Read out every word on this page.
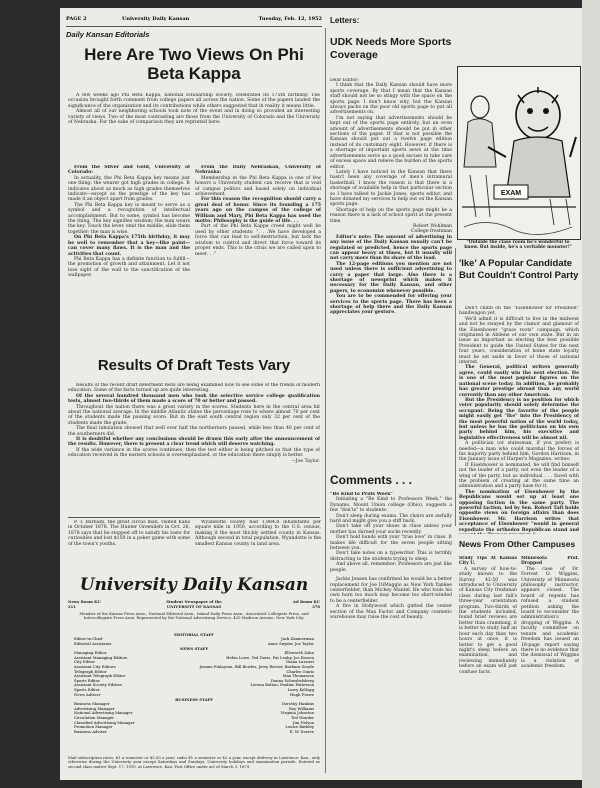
PAGE 2	University Daily Kansan	Tuesday, Feb. 12, 1952

Daily Kansan Editorials

Here Are Two Views On Phi Beta Kappa

A few weeks ago Phi Beta Kappa, national scholarship society, celebrated its 175th birthday. The occasion brought forth comment from college papers all across the nation. Some of the papers lauded the significance of the organization and its contributions while others suggested that in reality it means little.

Almost all of our neighboring schools took note of the event and in doing so provided an interesting variety of views. Two of the most contrasting are those from the University of Colorado and the University of Nebraska. For the sake of comparison they are reprinted here:

From the Silver and Gold, University of Colorado:

In actuality, the Phi Beta Kappa key means just one thing: the wearer got high grades in college. It indicates about as much as high grades themselves indicate—except as the prestige of the key has made it an object apart from grades.

The Phi Beta Kappa key is meant to serve as a symbol and a recognition of intellectual accomplishment. But to some, symbol has become the thing. The key signifies wisdom; the man wears the key. Touch the lever, emit the middle, slide them together; the man is wise.

On Phi Beta Kappa's 175th birthday, it may be well to remember that a key—like paint—can cover many flaws. It is the man and the activities that count.

Phi Beta Kappa has a definite function to fulfill—the promotion of growth and attainment. Let it not lose sight of the wall to the sanctification of the wallpaper.

From the Daily Nebraskan, University of Nebraska:

Membership in the Phi Beta Kappa is one of few honors a University student can receive that is void of campus politics and based solely on individual achievement.

For this reason the recognition should carry a great deal of honor. Since its founding a 175 years ago on the campus of the college of William and Mary, Phi Beta Kappa has used the motto: Philosophy is the guide of life. . .

Part of the Phi Beta Kappa creed might well be used by other students: ". . .We have developed a force that can lead to self-destruction, but lack the wisdom to control and direct that force toward its proper ends. This is the crisis we are called upon to meet. . ."

Results Of Draft Tests Vary

Results of the recent draft deferment tests are being examined now to see some of the trends of modern education. Some of the facts turned up are quite interesting.

Of the several hundred thousand men who took the selective service college qualification tests, almost two-thirds of them made a score of 70 or better and passed.

Throughout the nation there was a great variety in the scores. Students here in the central area hit about the national average. In the middle Atlantic states the percentage rose to where almost 70 per cent of the students made the passing score. But in the east south central region only 32 per cent of the students made the grade.

The final tabulation showed that well over half the northerners passed, while less than 40 per cent of the southerners did.

It is doubtful whether any conclusions should be drawn this early after the announcement of the results. However, there is present a clear trend which will deserve watching.

If the wide variance in the scores continues, then the test either is being pitched so that the type of education received in the eastern schools is overemphasized, or the education there simply is better.

—Joe Taylor.

P. T. Barnum, the great circus man, visited Kans in October 1878. The Hunter Greenliefs in Oct. 26, 1878 says that he stopped off to satisfy his taste for curiosities and lost $150 in a poker game with some of the town's youths.

Wyandotte county had 1,884.8 inhabitants per square mile in 1950, according to the U.S. census, making it the most thickly settled county in Kansas. Although second in total population, Wyandotte is the smallest Kansas county in land area.

University Daily Kansan

News Room KU 211

Student Newspaper of the

UNIVERSITY OF KANSAS

Ad Room KU 376

Member of the Kansas Press Assn., National Editorial Assn., Inland Daily Press Assn., Associated Collegiate Press, and Intercollegiate Press Assn. Represented by the National Advertising Service, 420 Madison Avenue, New York City.

EDITORIAL STAFF

Editor-in-Chief	Jack Zimmerman
Editorial Assistants	Anne Snyder, Joe Taylor

NEWS STAFF

Managing Editor	Ellsworth Zahn
Assistant Managing Editors	Helen Lowe, Ted Davis, Pat Leahy, Joe Rowen
City Editor	Diana Luzzieri
Assistant City Editors	Jeanne Finlayson, Bill Bowles, Jerry Reeser, Barbara Searle
Telegraph Editor	Charles Guntz
Assistant Telegraph Editor	Max Thomasson
Sports Editor	Donna Schwabelsberg
Assistant Society Editors	Lorena Bolton, Pauline Patterson
Sports Editor	Larry Kellogg
News Adviser	Hugh Frawe

BUSINESS STAFF

Business Manager	Dorothy Haskins
Advertising Manager	Roy Williams
National Advertising Manager	Virginia Johnston
Circulation Manager	Ted Wonder
Classified Advertising Manager	Jim Nelson
Promotion Manager	Louise Barkley
Business Adviser	E. W. Doerre

Mail subscription rates: $3 a semester or $5.50 a year; radio $1 a semester or $2 a year, except delivery in Lawrence: Kan., only otherwise during the University year except Saturdays and Sundays, University holidays and examination periods. Entered as second class matter Sept. 17, 1910, at Lawrence, Kan. Post Office under act of March 3, 1879.

Letters:

UDK Needs More Sports Coverage

Dear Editor:

I think that the Daily Kansan should have more sports coverage. By that I mean that the Kansan staff should not be so stingy with the space on the sports page. I don't know why, but the Kansan always packs on the poor old sports page to put all advertisements on.

I'm not saying that advertisements should be kept out of the sports page entirely, but an even amount of advertisements should be put in other sections of the paper. If that is not possible the Kansan should put out a twelve page edition instead of its customary eight. However, if there is a shortage of important sports news at the time advertisements serve as a good excuse to take care of excess space and relieve the burden of the sports editor.

Lately I have noticed in the Kansan that there hasn't been any coverage of men's intramural basketball. I know the reason is that there is a shortage of available help in that particular section so I have talked to Jackie Jones, sports editor, and have donated my services to help out on the Kansan sports page.

Shortage of help on the sports page might be a reason there is a lack of school spirit at the present time.

Robert Wohlman

College freshman

Editor's note: The amount of advertising in any issue of the Daily Kansan usually can't be regulated or predicted, hence the sports page can appear heavy at times, but it usually will not carry more than its share of the load.

The 12-page editions you mention are not used unless there is sufficient advertising to carry a paper that large. Also there is a shortage of newsprint which makes it necessary for the Daily Kansan, and other papers, to economize whenever possible.

You are to be commended for offering your services to the sports page. There has been a shortage of help there and the Daily Kansan appreciates your gesture.

Comments . . .

"Be Kind to Profs Week"

Initiating a "Be Kind to Professors Week," the Dynamo, Mount Union college (Ohio), suggests a few "don'ts" to students:

Don't sleep during exams. The chairs are awfully hard and might give you a stiff back.

Don't take off your shoes in class unless your mother has darned your socks recently.

Don't hold hands with your "true love" in class. It makes life difficult for the seven people sitting between you.

Don't take notes on a typewriter. This is terribly distracting to the students trying to sleep.

And above all, remember: Professors are just like people.

Jackie Jensen has confirmed he would be a better replacement for Joe DiMaggio as New York Yankee centerfielder, than Mickey Mantel. He who tools his own horn too much may become too short-winded to be a centerfielder.

A fire in Hollywood which gutted the center section of the Max Factor and Company cosmetic warehouse may raise the cost of beauty.

EXAM

"Outside the class room he's wonderful to know. But inside, he's a veritable monster!"

'Ike' A Popular Candidate But Couldn't Control Party

Don't climb on the "Eisenhower for President" bandwagon yet.

We'll admit it is difficult to live in the midwest and not be swayed by the clamor and glamour of the Eisenhower "grass roots" campaign, which originated in Abilene of our own state. But in an issue as important as electing the best possible President to guide the United States for the next four years, consideration of home state loyalty must be set aside in favor of those of national interest.

The General, political writers generally agree, could easily win the next election. He is one of the most popular figures on the national scene today. In addition, he probably has greater prestige abroad than any world currently than any other American.

But the Presidency is no position for which voter popularity should solely determine the occupant. Being the favorite of the people might easily get "Ike" into the Presidency of the most powerful nation of the world today, but unless he has the politicians on his own party behind him, his executive and legislative effectiveness will be almost nil.

A politician (or statesman, if you prefer) is needed—a man who could marshal the forces of his majority party behind him, Gordon Harrison, in the January issue of Harper's Magazine, writes:

If Eisenhower is nominated, he will find himself not the leader of a party, not even the leader of a wing of the party, but as individual . . . faced with the problem of creating at the same time an administration and a party base for it.

The nomination of Eisenhower by the Republicans would set up at least one opposing faction in the same party. The powerful faction, led by Sen. Robert Taft holds opposite views on foreign affairs than does Eisenhower. Mr. Harrison writes that acceptance of Eisenhower "would in general repudiate the orthodox Republican stand and

News From Other Campuses

Study Tips At Kansas City U.

A survey of how-to-study known to the Survey 42-50 was introduced to University of Kansas City freshman class during last fall's three-year orientation program. Two-thirds of the students included, found brief reviews are better than cramming, it is better to study half an hour each day than two hours at once, it is better to get a good night's sleep before an examination, and reviewing immediately before an exam will just confuse facts.

Minnesota Prof. Dropped

The case of Dr. Forrest O. Wiggins, University of Minnesota philosophy instructor, appears closed. The board of regents has refused a student petition asking the board to reconsider the administration's dropping of Wiggins. A faculty committee on tenure and academic freedom has issued an 18-page report saying there is no evidence that the dismissal of Wiggins is a violation of academic freedom.
